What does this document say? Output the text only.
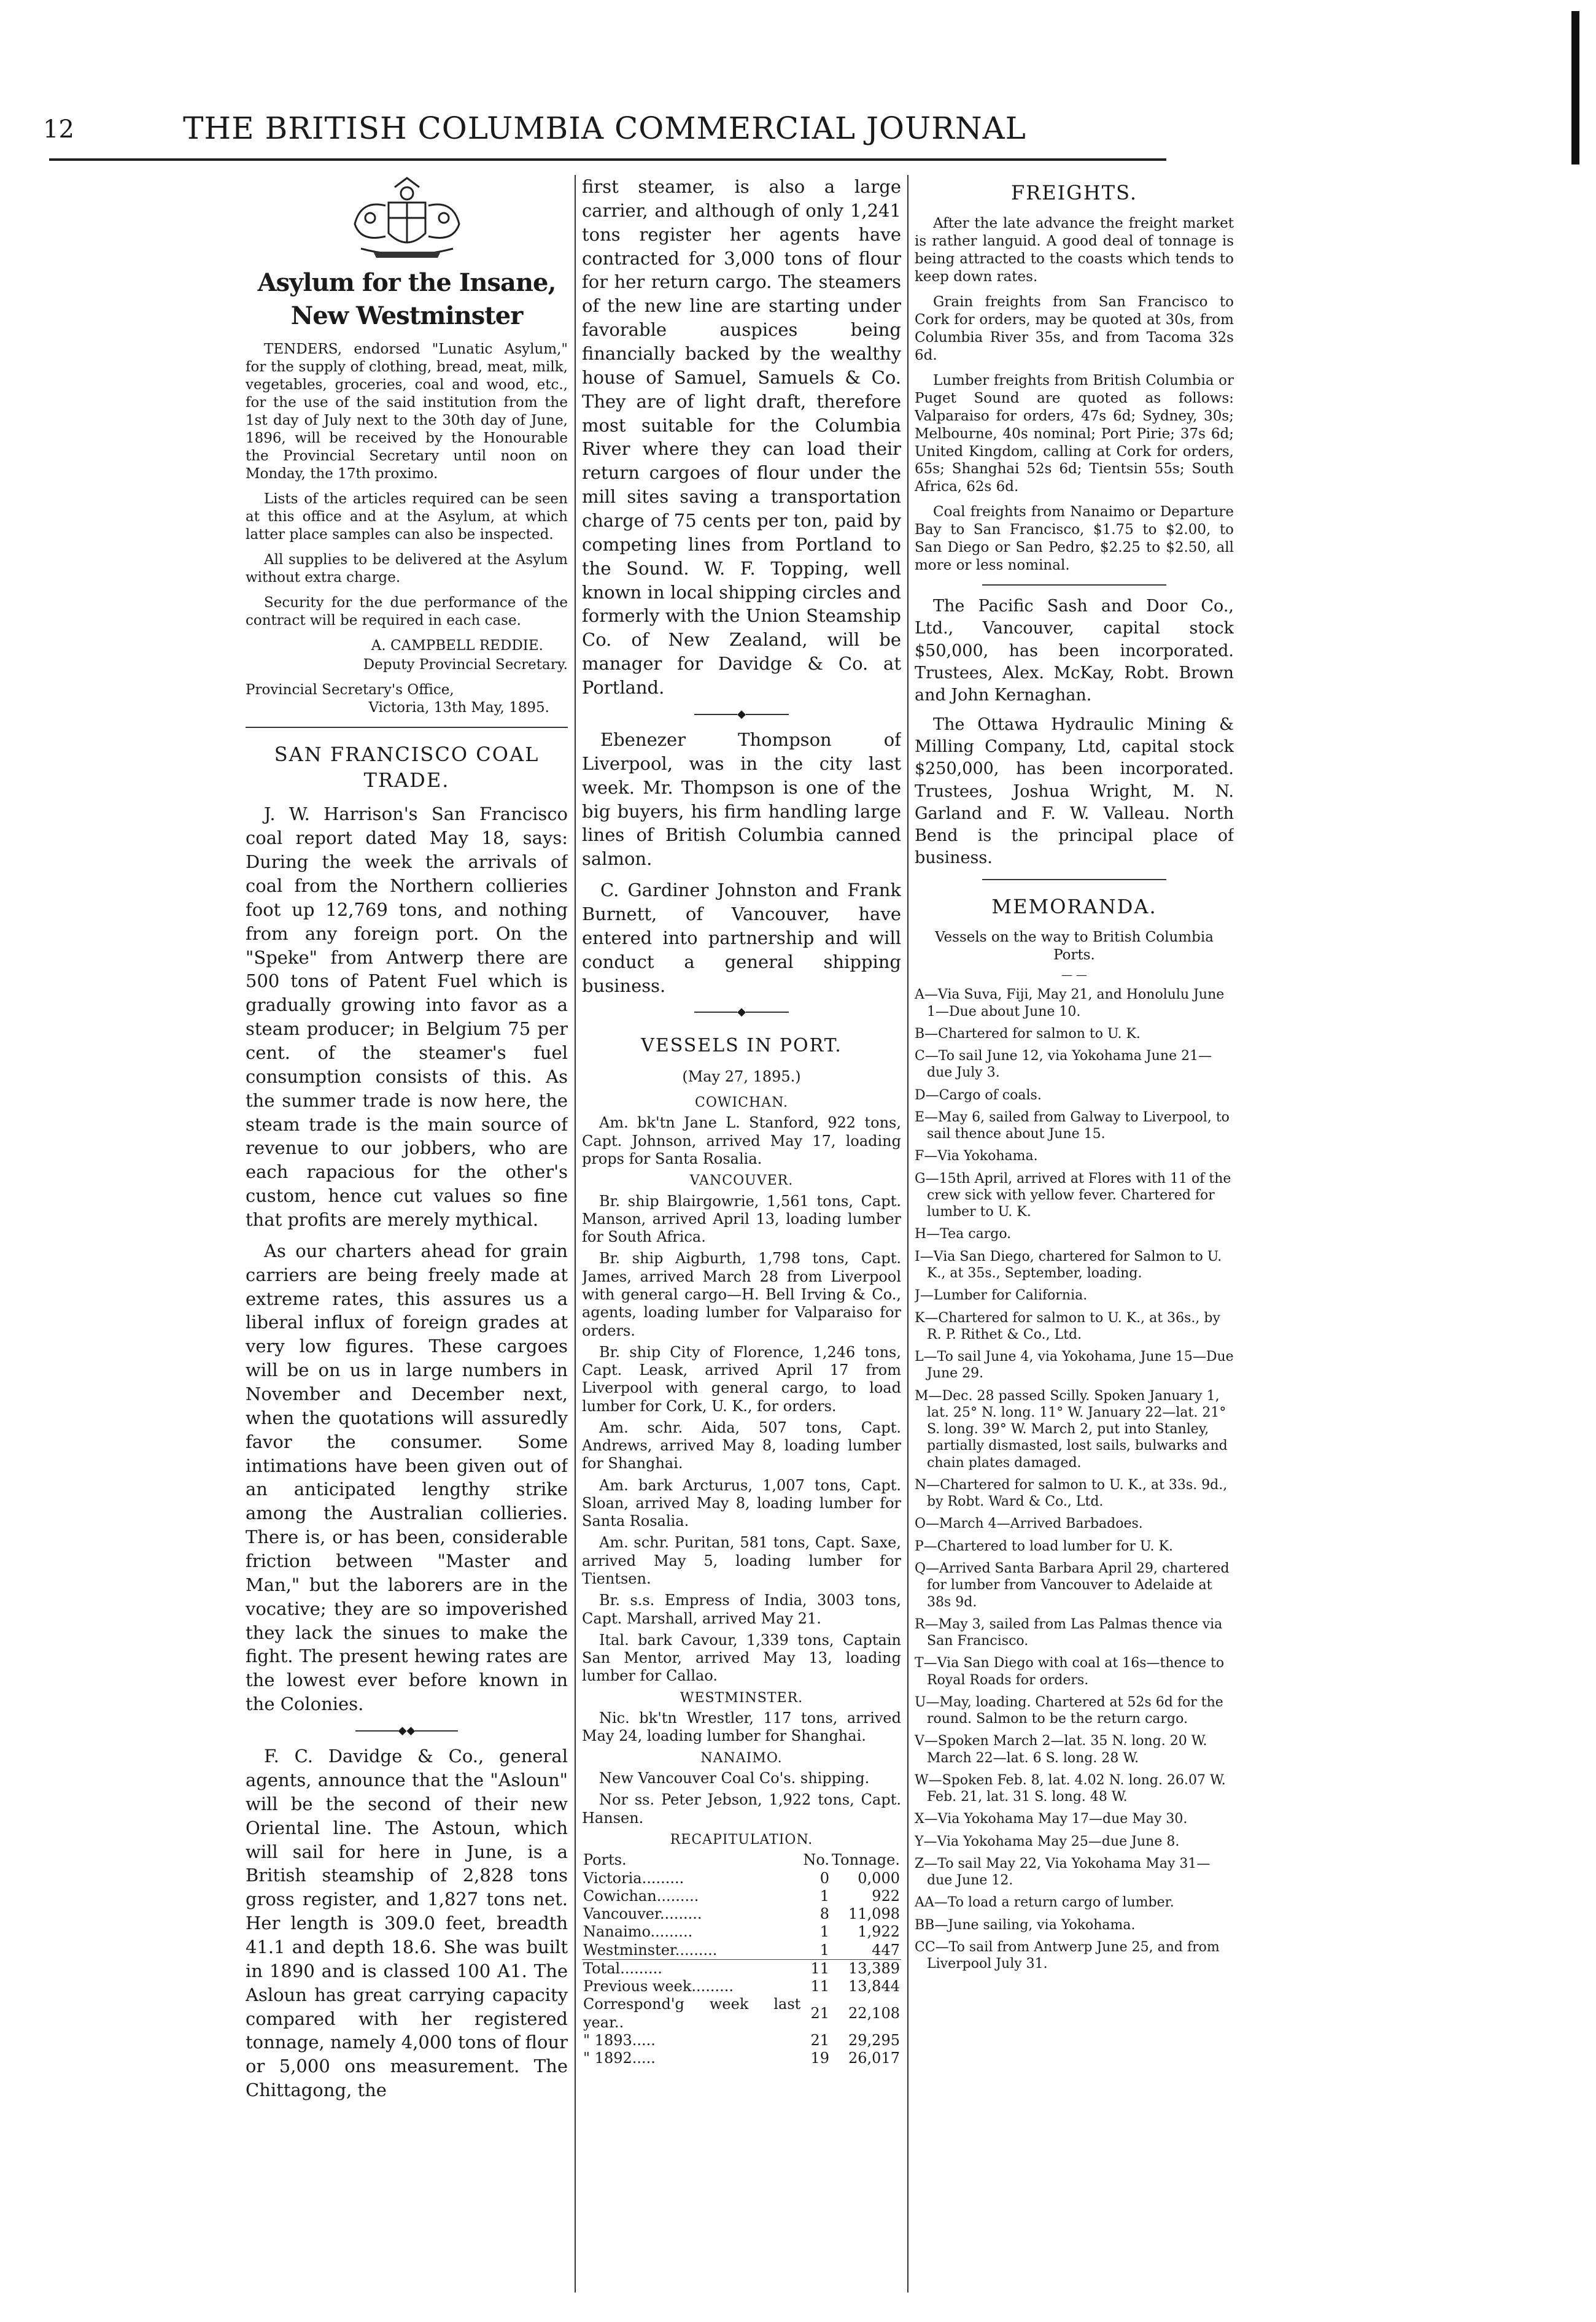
12	THE BRITISH COLUMBIA COMMERCIAL JOURNAL
Asylum for the Insane, New Westminster

TENDERS, endorsed "Lunatic Asylum," for the supply of clothing, bread, meat, milk, vegetables, groceries, coal and wood, etc., for the use of the said institution from the 1st day of July next to the 30th day of June, 1896, will be received by the Honourable the Provincial Secretary until noon on Monday, the 17th proximo.

Lists of the articles required can be seen at this office and at the Asylum, at which latter place samples can also be inspected.

All supplies to be delivered at the Asylum without extra charge.

Security for the due performance of the contract will be required in each case.

A. CAMPBELL REDDIE.

Deputy Provincial Secretary.

Provincial Secretary's Office,

Victoria, 13th May, 1895.

SAN FRANCISCO COAL TRADE.

J. W. Harrison's San Francisco coal report dated May 18, says: During the week the arrivals of coal from the Northern collieries foot up 12,769 tons, and nothing from any foreign port. On the "Speke" from Antwerp there are 500 tons of Patent Fuel which is gradually growing into favor as a steam producer; in Belgium 75 per cent. of the steamer's fuel consumption consists of this. As the summer trade is now here, the steam trade is the main source of revenue to our jobbers, who are each rapacious for the other's custom, hence cut values so fine that profits are merely mythical.

As our charters ahead for grain carriers are being freely made at extreme rates, this assures us a liberal influx of foreign grades at very low figures. These cargoes will be on us in large numbers in November and December next, when the quotations will assuredly favor the consumer. Some intimations have been given out of an anticipated lengthy strike among the Australian collieries. There is, or has been, considerable friction between "Master and Man," but the laborers are in the vocative; they are so impoverished they lack the sinues to make the fight. The present hewing rates are the lowest ever before known in the Colonies.

◆◆

F. C. Davidge & Co., general agents, announce that the "Asloun" will be the second of their new Oriental line. The Astoun, which will sail for here in June, is a British steamship of 2,828 tons gross register, and 1,827 tons net. Her length is 309.0 feet, breadth 41.1 and depth 18.6. She was built in 1890 and is classed 100 A1. The Asloun has great carrying capacity compared with her registered tonnage, namely 4,000 tons of flour or 5,000 ons measurement. The Chittagong, the

first steamer, is also a large carrier, and although of only 1,241 tons register her agents have contracted for 3,000 tons of flour for her return cargo. The steamers of the new line are starting under favorable auspices being financially backed by the wealthy house of Samuel, Samuels & Co. They are of light draft, therefore most suitable for the Columbia River where they can load their return cargoes of flour under the mill sites saving a transportation charge of 75 cents per ton, paid by competing lines from Portland to the Sound. W. F. Topping, well known in local shipping circles and formerly with the Union Steamship Co. of New Zealand, will be manager for Davidge & Co. at Portland.

◆

Ebenezer Thompson of Liverpool, was in the city last week. Mr. Thompson is one of the big buyers, his firm handling large lines of British Columbia canned salmon.

C. Gardiner Johnston and Frank Burnett, of Vancouver, have entered into partnership and will conduct a general shipping business.

◆
VESSELS IN PORT.

(May 27, 1895.)

COWICHAN.

Am. bk'tn Jane L. Stanford, 922 tons, Capt. Johnson, arrived May 17, loading props for Santa Rosalia.

VANCOUVER.

Br. ship Blairgowrie, 1,561 tons, Capt. Manson, arrived April 13, loading lumber for South Africa.

Br. ship Aigburth, 1,798 tons, Capt. James, arrived March 28 from Liverpool with general cargo—H. Bell Irving & Co., agents, loading lumber for Valparaiso for orders.

Br. ship City of Florence, 1,246 tons, Capt. Leask, arrived April 17 from Liverpool with general cargo, to load lumber for Cork, U. K., for orders.

Am. schr. Aida, 507 tons, Capt. Andrews, arrived May 8, loading lumber for Shanghai.

Am. bark Arcturus, 1,007 tons, Capt. Sloan, arrived May 8, loading lumber for Santa Rosalia.

Am. schr. Puritan, 581 tons, Capt. Saxe, arrived May 5, loading lumber for Tientsen.

Br. s.s. Empress of India, 3003 tons, Capt. Marshall, arrived May 21.

Ital. bark Cavour, 1,339 tons, Captain San Mentor, arrived May 13, loading lumber for Callao.

WESTMINSTER.

Nic. bk'tn Wrestler, 117 tons, arrived May 24, loading lumber for Shanghai.

NANAIMO.

New Vancouver Coal Co's. shipping.

Nor ss. Peter Jebson, 1,922 tons, Capt. Hansen.

RECAPITULATION.
Ports.	No.	Tonnage.
Victoria.........	0	0,000
Cowichan.........	1	922
Vancouver.........	8	11,098
Nanaimo.........	1	1,922
Westminster.........	1	447
Total.........	11	13,389
Previous week.........	11	13,844
Correspond'g week last year..	21	22,108
" 1893.....	21	29,295
" 1892.....	19	26,017
FREIGHTS.

After the late advance the freight market is rather languid. A good deal of tonnage is being attracted to the coasts which tends to keep down rates.

Grain freights from San Francisco to Cork for orders, may be quoted at 30s, from Columbia River 35s, and from Tacoma 32s 6d.

Lumber freights from British Columbia or Puget Sound are quoted as follows: Valparaiso for orders, 47s 6d; Sydney, 30s; Melbourne, 40s nominal; Port Pirie; 37s 6d; United Kingdom, calling at Cork for orders, 65s; Shanghai 52s 6d; Tientsin 55s; South Africa, 62s 6d.

Coal freights from Nanaimo or Departure Bay to San Francisco, $1.75 to $2.00, to San Diego or San Pedro, $2.25 to $2.50, all more or less nominal.

The Pacific Sash and Door Co., Ltd., Vancouver, capital stock $50,000, has been incorporated. Trustees, Alex. McKay, Robt. Brown and John Kernaghan.

The Ottawa Hydraulic Mining & Milling Company, Ltd, capital stock $250,000, has been incorporated. Trustees, Joshua Wright, M. N. Garland and F. W. Valleau. North Bend is the principal place of business.

MEMORANDA.

Vessels on the way to British Columbia Ports.

— —

A—Via Suva, Fiji, May 21, and Honolulu June 1—Due about June 10.

B—Chartered for salmon to U. K.

C—To sail June 12, via Yokohama June 21—due July 3.

D—Cargo of coals.

E—May 6, sailed from Galway to Liverpool, to sail thence about June 15.

F—Via Yokohama.

G—15th April, arrived at Flores with 11 of the crew sick with yellow fever. Chartered for lumber to U. K.

H—Tea cargo.

I—Via San Diego, chartered for Salmon to U. K., at 35s., September, loading.

J—Lumber for California.

K—Chartered for salmon to U. K., at 36s., by R. P. Rithet & Co., Ltd.

L—To sail June 4, via Yokohama, June 15—Due June 29.

M—Dec. 28 passed Scilly. Spoken January 1, lat. 25° N. long. 11° W. January 22—lat. 21° S. long. 39° W. March 2, put into Stanley, partially dismasted, lost sails, bulwarks and chain plates damaged.

N—Chartered for salmon to U. K., at 33s. 9d., by Robt. Ward & Co., Ltd.

O—March 4—Arrived Barbadoes.

P—Chartered to load lumber for U. K.

Q—Arrived Santa Barbara April 29, chartered for lumber from Vancouver to Adelaide at 38s 9d.

R—May 3, sailed from Las Palmas thence via San Francisco.

T—Via San Diego with coal at 16s—thence to Royal Roads for orders.

U—May, loading. Chartered at 52s 6d for the round. Salmon to be the return cargo.

V—Spoken March 2—lat. 35 N. long. 20 W. March 22—lat. 6 S. long. 28 W.

W—Spoken Feb. 8, lat. 4.02 N. long. 26.07 W. Feb. 21, lat. 31 S. long. 48 W.

X—Via Yokohama May 17—due May 30.

Y—Via Yokohama May 25—due June 8.

Z—To sail May 22, Via Yokohama May 31—due June 12.

AA—To load a return cargo of lumber.

BB—June sailing, via Yokohama.

CC—To sail from Antwerp June 25, and from Liverpool July 31.
